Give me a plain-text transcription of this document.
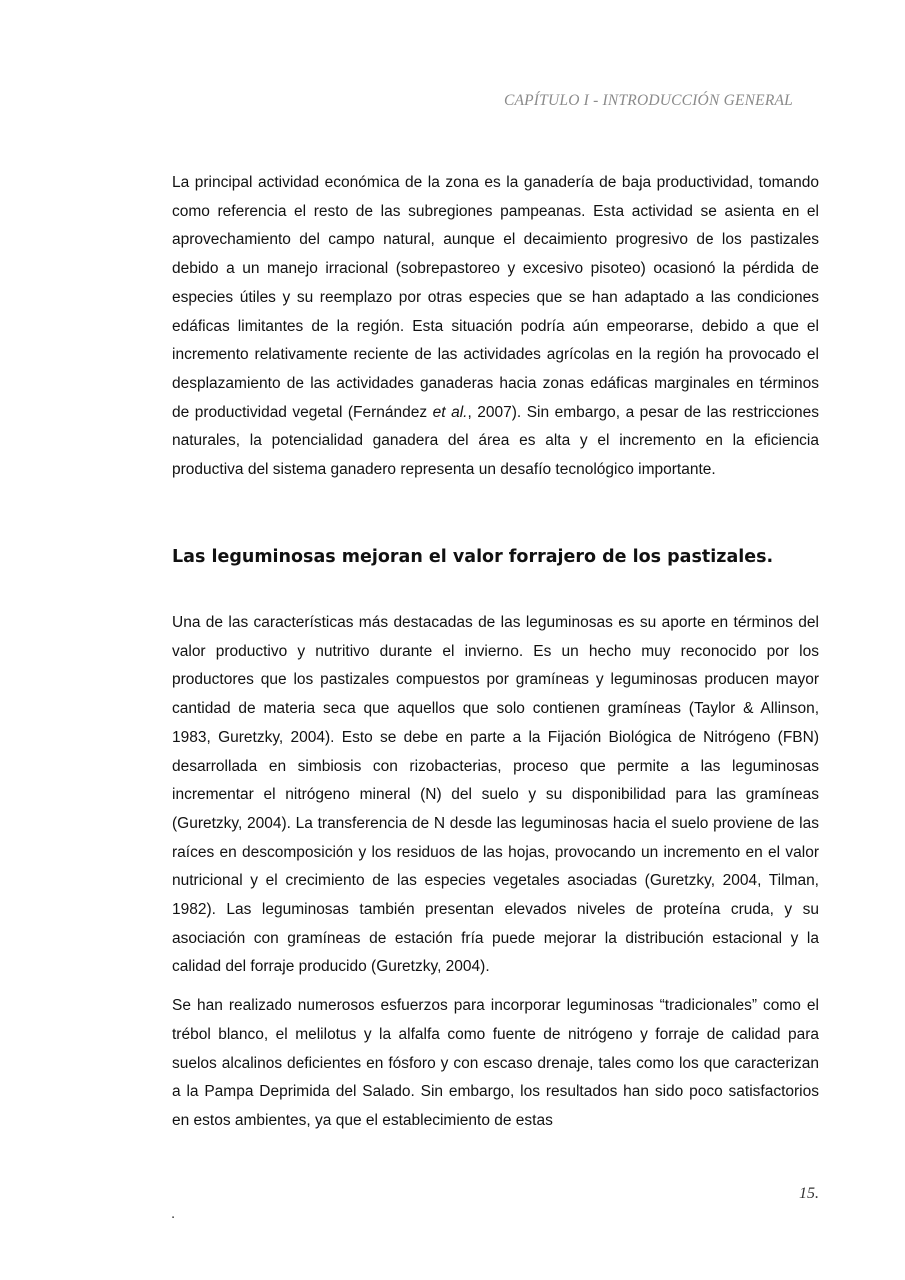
CAPÍTULO I - INTRODUCCIÓN GENERAL

La principal actividad económica de la zona es la ganadería de baja productividad, tomando como referencia el resto de las subregiones pampeanas. Esta actividad se asienta en el aprovechamiento del campo natural, aunque el decaimiento progresivo de los pastizales debido a un manejo irracional (sobrepastoreo y excesivo pisoteo) ocasionó la pérdida de especies útiles y su reemplazo por otras especies que se han adaptado a las condiciones edáficas limitantes de la región. Esta situación podría aún empeorarse, debido a que el incremento relativamente reciente de las actividades agrícolas en la región ha provocado el desplazamiento de las actividades ganaderas hacia zonas edáficas marginales en términos de productividad vegetal (Fernández et al., 2007). Sin embargo, a pesar de las restricciones naturales, la potencialidad ganadera del área es alta y el incremento en la eficiencia productiva del sistema ganadero representa un desafío tecnológico importante.

Las leguminosas mejoran el valor forrajero de los pastizales.

Una de las características más destacadas de las leguminosas es su aporte en términos del valor productivo y nutritivo durante el invierno. Es un hecho muy reconocido por los productores que los pastizales compuestos por gramíneas y leguminosas producen mayor cantidad de materia seca que aquellos que solo contienen gramíneas (Taylor & Allinson, 1983, Guretzky, 2004). Esto se debe en parte a la Fijación Biológica de Nitrógeno (FBN) desarrollada en simbiosis con rizobacterias, proceso que permite a las leguminosas incrementar el nitrógeno mineral (N) del suelo y su disponibilidad para las gramíneas (Guretzky, 2004). La transferencia de N desde las leguminosas hacia el suelo proviene de las raíces en descomposición y los residuos de las hojas, provocando un incremento en el valor nutricional y el crecimiento de las especies vegetales asociadas (Guretzky, 2004, Tilman, 1982). Las leguminosas también presentan elevados niveles de proteína cruda, y su asociación con gramíneas de estación fría puede mejorar la distribución estacional y la calidad del forraje producido (Guretzky, 2004).

Se han realizado numerosos esfuerzos para incorporar leguminosas “tradicionales” como el trébol blanco, el melilotus y la alfalfa como fuente de nitrógeno y forraje de calidad para suelos alcalinos deficientes en fósforo y con escaso drenaje, tales como los que caracterizan a la Pampa Deprimida del Salado. Sin embargo, los resultados han sido poco satisfactorios en estos ambientes, ya que el establecimiento de estas

15.
.
